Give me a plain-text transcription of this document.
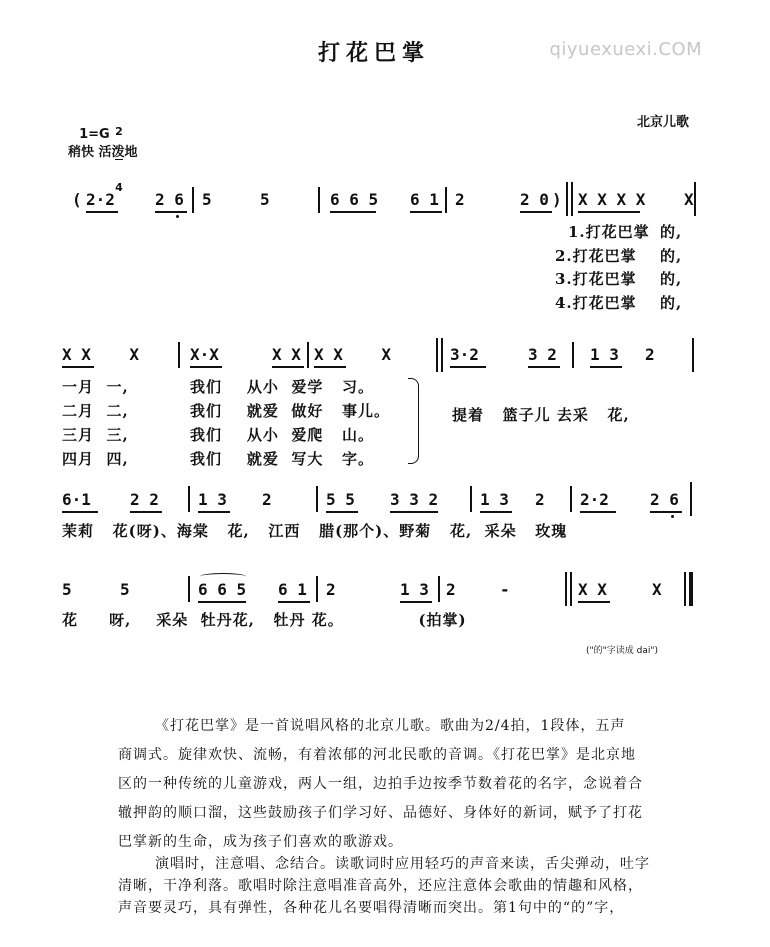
qiyuexuexi.COM

打花巴掌

1=G

2

4

北京儿歌
稍快 活泼地
( 2·2	2 6 5	5	6 6 5 6 1 2	2 0 ) X X X X    X
1.打花巴掌
2.打花巴掌
3.打花巴掌
4.打花巴掌
的,
的,
的,
的,
X X    X	X·X	X X X X    X	3·2	3 2 1 3 2
一月  一,
二月  二,
三月  三,
四月  四,
我们    从小  爱学   习。
我们    就爱  做好   事儿。
我们    从小  爱爬   山。
我们    就爱  写大   字。
提着   篮子儿 去采   花,
6·1 2 2 1 3 2	5 5 3 3 2	1 3 2 2·2	2 6
茉莉   花(呀)、海棠   花,   江西   腊(那个)、野菊   花,  采朵   玫瑰
5	5	6 6 5 6 1 2	1 3 2	-	X X	X
花     呀,    采朵  牡丹花,   牡丹 花。            (拍掌)
("的"字读成 dai")
《打花巴掌》是一首说唱风格的北京儿歌。歌曲为2/4拍，1段体，五声
商调式。旋律欢快、流畅，有着浓郁的河北民歌的音调。《打花巴掌》是北京地
区的一种传统的儿童游戏，两人一组，边拍手边按季节数着花的名字，念说着合
辙押韵的顺口溜，这些鼓励孩子们学习好、品德好、身体好的新词，赋予了打花
巴掌新的生命，成为孩子们喜欢的歌游戏。
演唱时，注意唱、念结合。读歌词时应用轻巧的声音来读，舌尖弹动，吐字
清晰，干净利落。歌唱时除注意唱准音高外，还应注意体会歌曲的情趣和风格，
声音要灵巧，具有弹性，各种花儿名要唱得清晰而突出。第1句中的“的”字，
